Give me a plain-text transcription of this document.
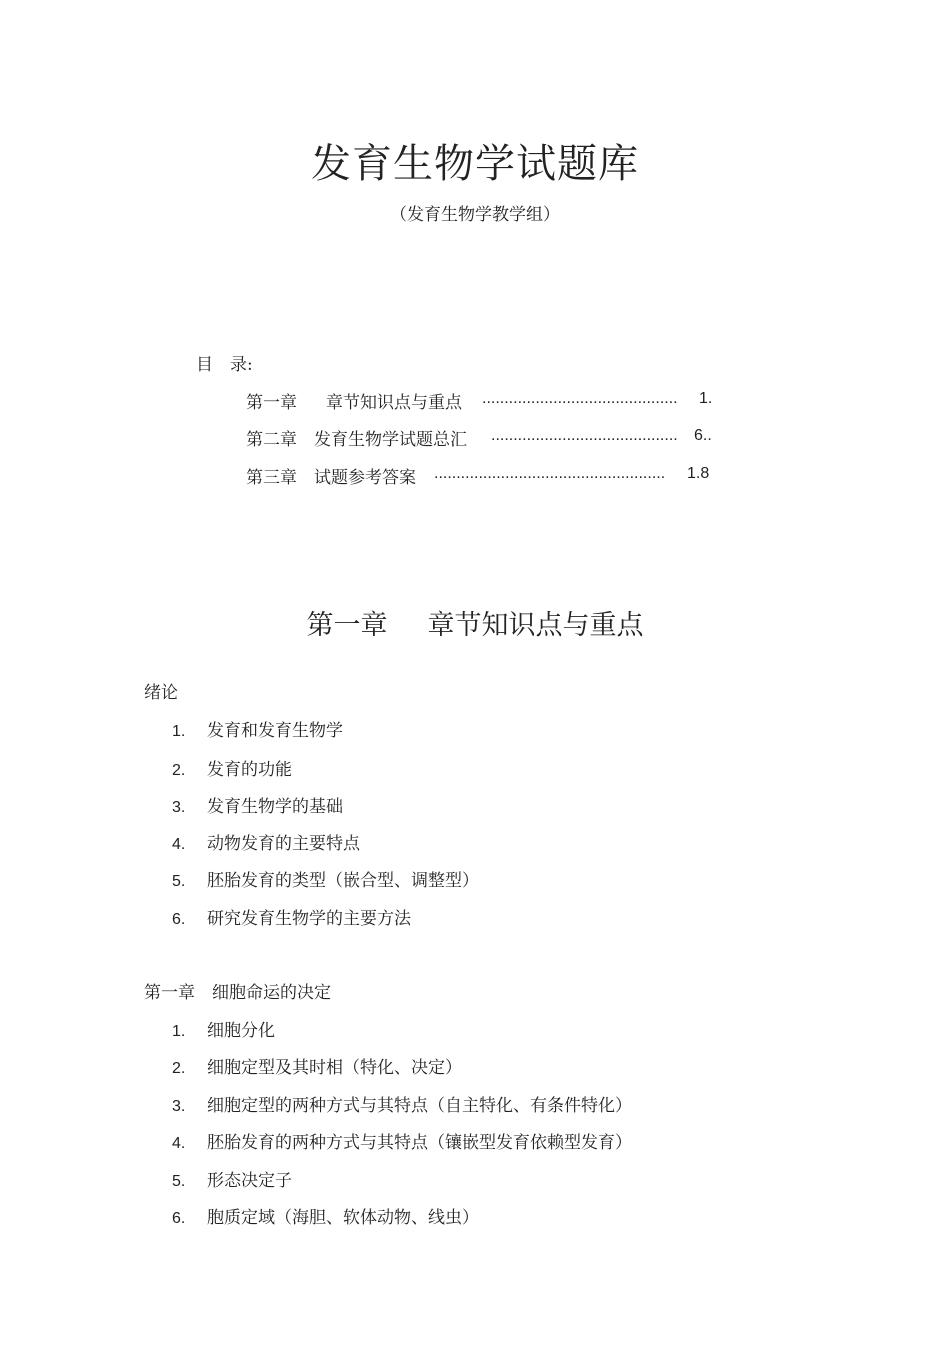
发育生物学试题库
（发育生物学教学组）
目　录:
第一章 章节知识点与重点 ............................................ 1.
第二章 发育生物学试题总汇 .......................................... 6..
第三章 试题参考答案 .................................................... 1.8
第一章 章节知识点与重点
绪论
1. 发育和发育生物学
2. 发育的功能
3. 发育生物学的基础
4. 动物发育的主要特点
5. 胚胎发育的类型（嵌合型、调整型）
6. 研究发育生物学的主要方法
第一章　细胞命运的决定
1. 细胞分化
2. 细胞定型及其时相（特化、决定）
3. 细胞定型的两种方式与其特点（自主特化、有条件特化）
4. 胚胎发育的两种方式与其特点（镶嵌型发育依赖型发育）
5. 形态决定子
6. 胞质定域（海胆、软体动物、线虫）
